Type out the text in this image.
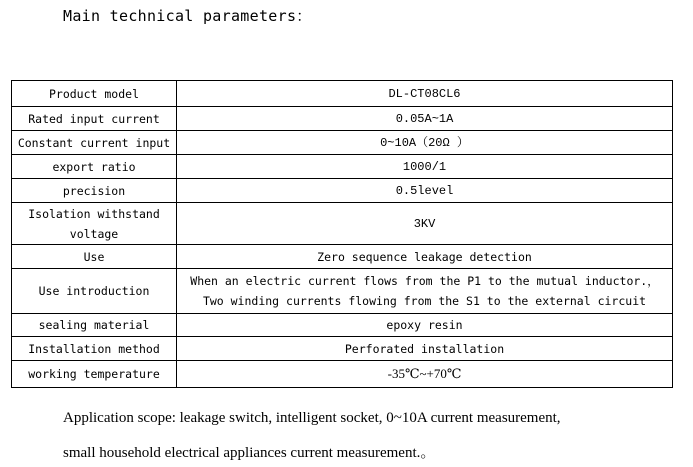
Main technical parameters：
Product model	DL-CT08CL6
Rated input current	0.05A~1A
Constant current input	0~10A（20Ω ）
export ratio	1000/1
precision	0.5level

Isolation withstand
voltage	3KV
Use	Zero sequence leakage detection
Use introduction	When an electric current flows from the P1 to the mutual inductor.，
Two winding currents flowing from the S1 to the external circuit

sealing material	epoxy resin
Installation method	Perforated installation
working temperature	-35℃~+70℃
Application scope: leakage switch, intelligent socket, 0~10A current measurement,
small household electrical appliances current measurement.。
